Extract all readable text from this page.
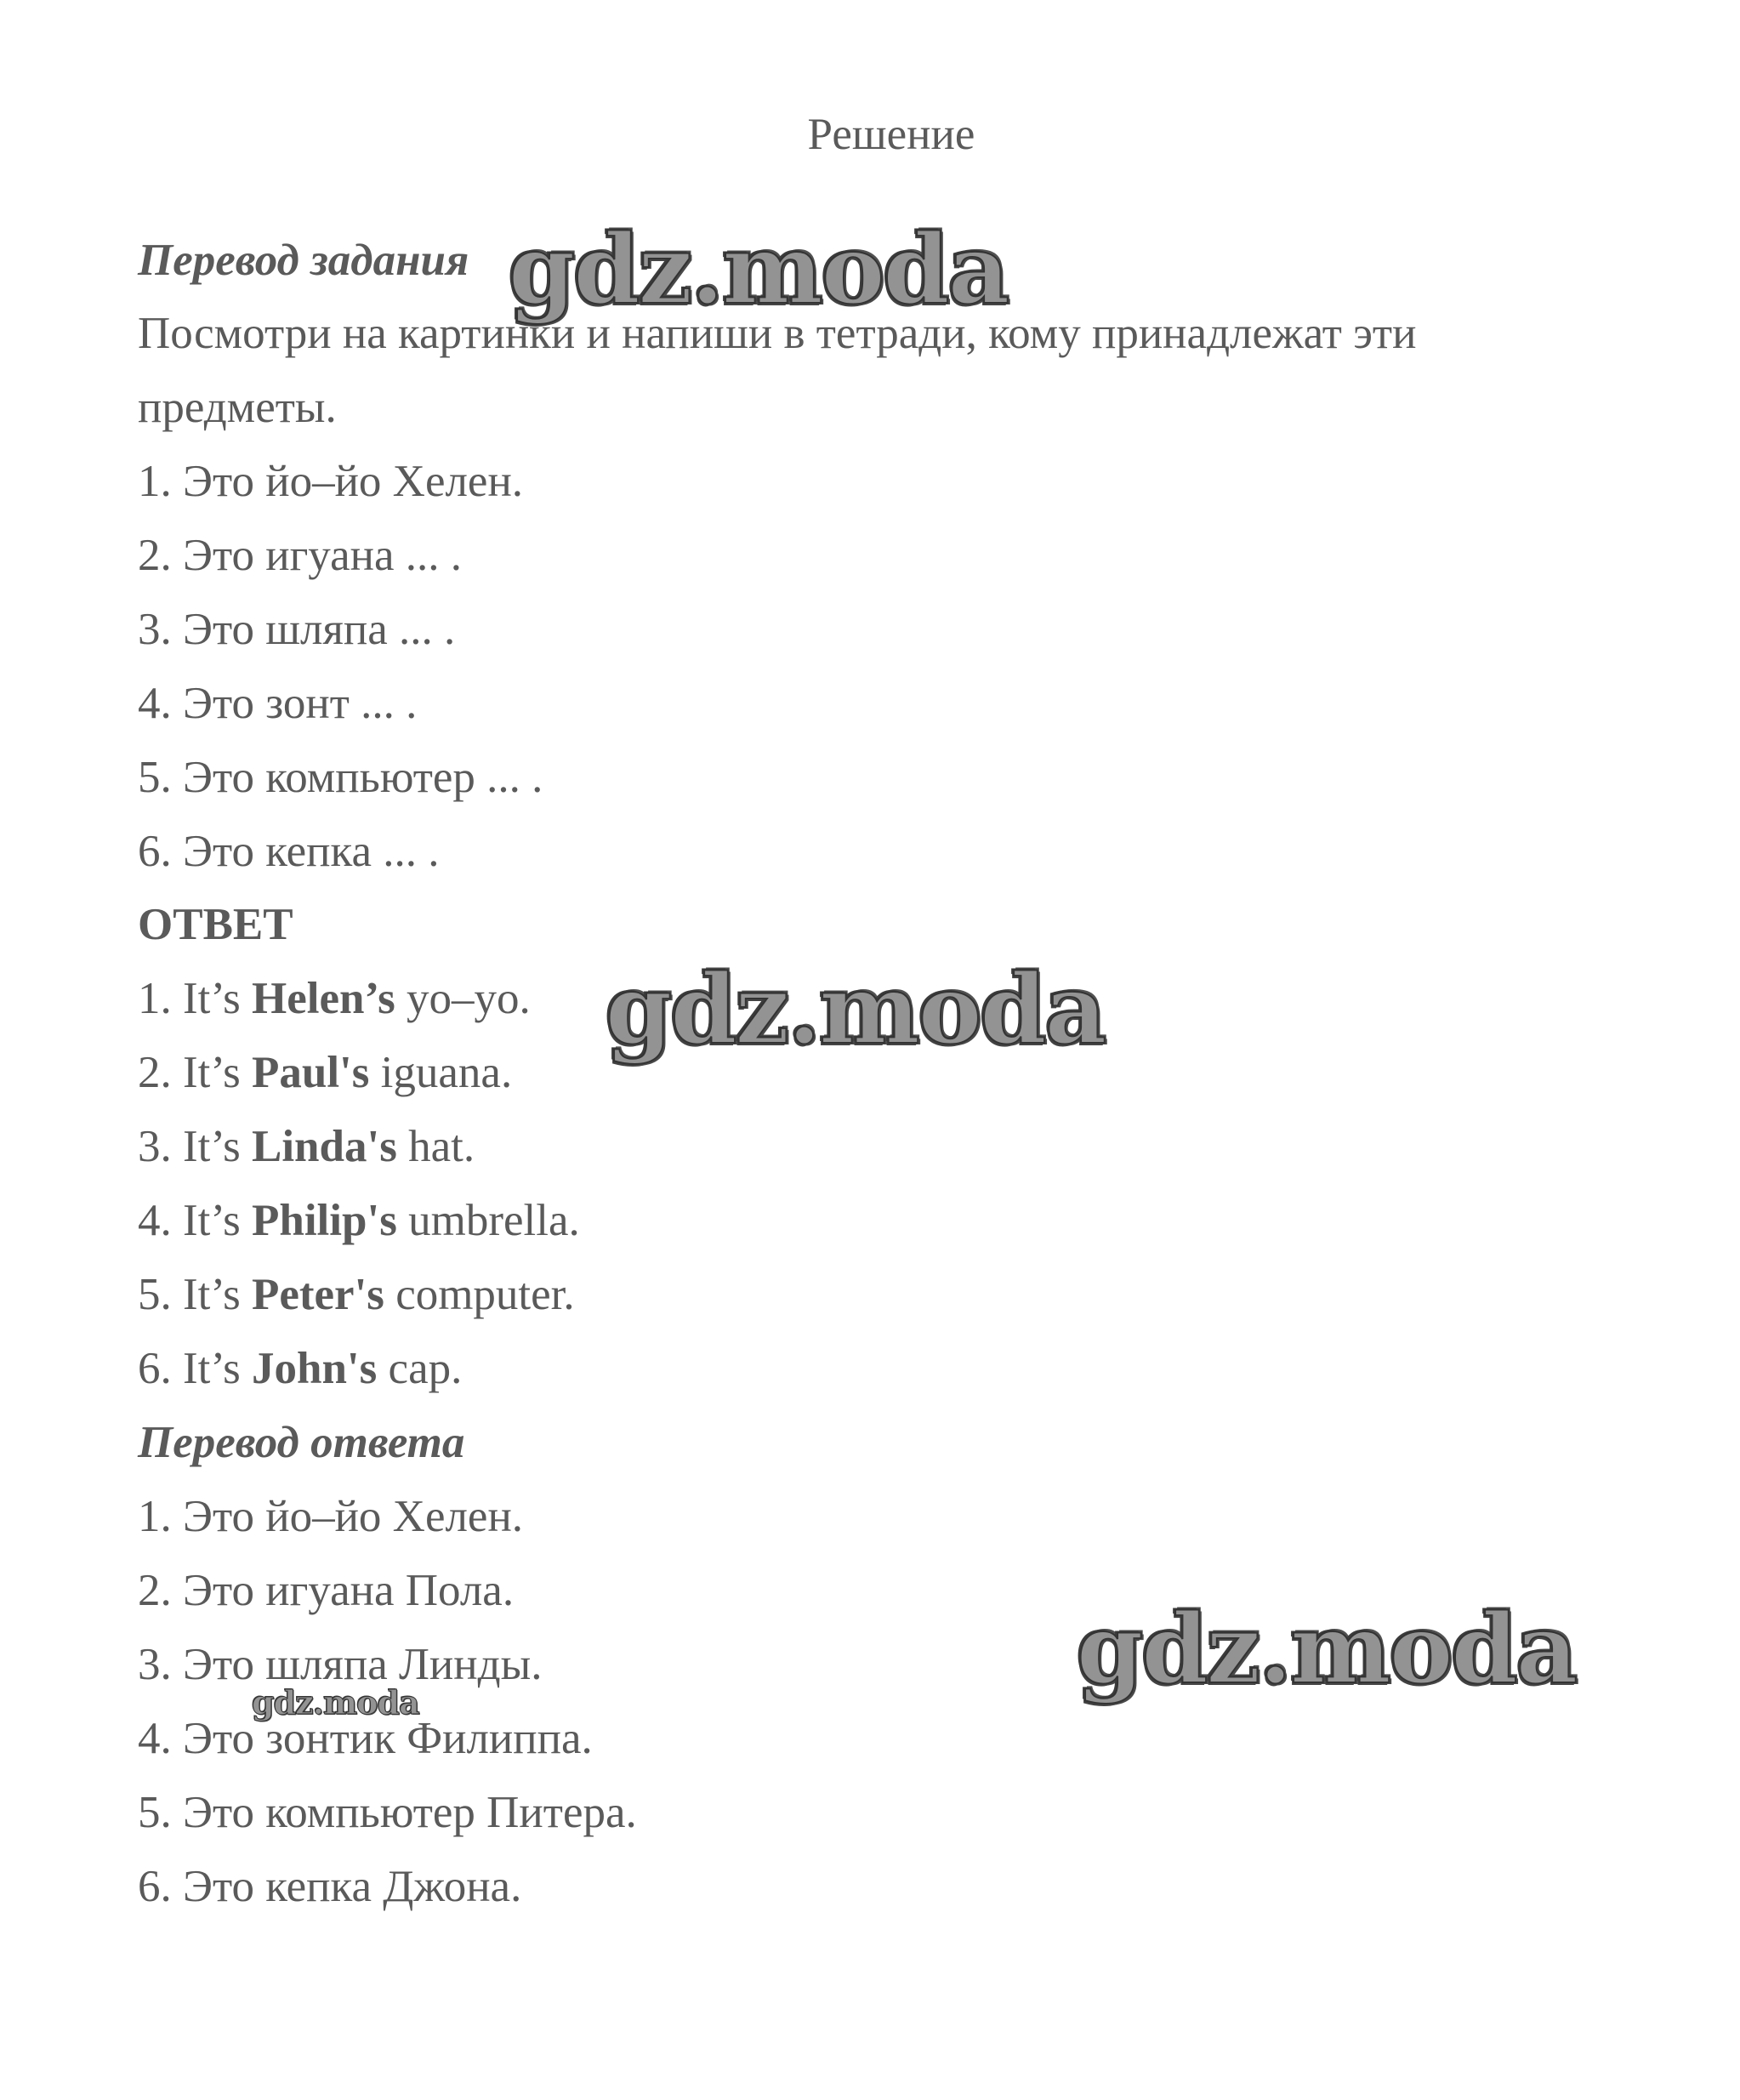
Решение
Перевод задания
Посмотри на картинки и напиши в тетради, кому принадлежат эти
предметы.
1. Это йо–йо Хелен.
2. Это игуана ... .
3. Это шляпа ... .
4. Это зонт ... .
5. Это компьютер ... .
6. Это кепка ... .
ОТВЕТ
1. It’s Helen’s yo–yo.
2. It’s Paul's iguana.
3. It’s Linda's hat.
4. It’s Philip's umbrella.
5. It’s Peter's computer.
6. It’s John's cap.
Перевод ответа
1. Это йо–йо Хелен.
2. Это игуана Пола.
3. Это шляпа Линды.
4. Это зонтик Филиппа.
5. Это компьютер Питера.
6. Это кепка Джона.
gdz.moda
gdz.moda
gdz.moda
gdz.moda
